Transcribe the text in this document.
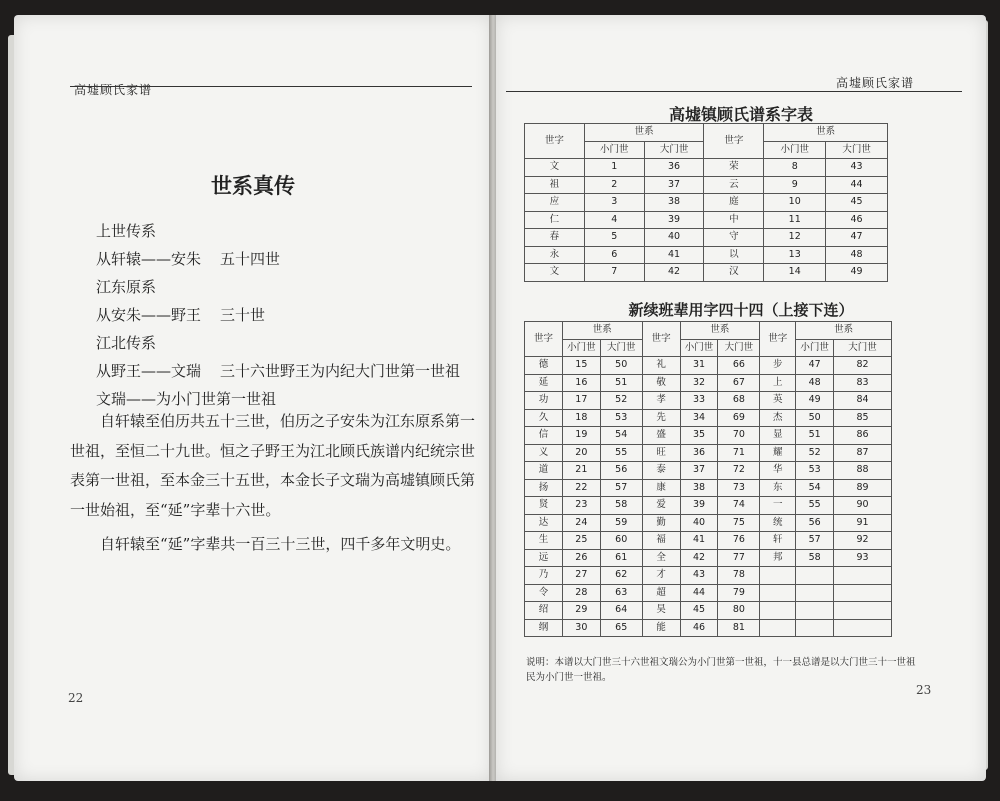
高墟顾氏家谱
世系真传
上世传系
从轩辕——安朱 五十四世
江东原系
从安朱——野王 三十世
江北传系
从野王——文瑞 三十六世野王为内纪大门世第一世祖
文瑞——为小门世第一世祖
自轩辕至伯历共五十三世，伯历之子安朱为江东原系第一世祖，至恒二十九世。恒之子野王为江北顾氏族谱内纪统宗世表第一世祖，至本金三十五世，本金长子文瑞为高墟镇顾氏第一世始祖，至“延”字辈十六世。
自轩辕至“延”字辈共一百三十三世，四千多年文明史。
22
高墟顾氏家谱
高墟镇顾氏谱系字表
世字	世系		世字	世系	
	小门世	大门世		小门世	大门世
文	1	36	荣	8	43
祖	2	37	云	9	44
应	3	38	庭	10	45
仁	4	39	中	11	46
春	5	40	守	12	47
永	6	41	以	13	48
文	7	42	汉	14	49
新续班辈用字四十四（上接下连）
世字	世系		世字	世系		世字	世系	
	小门世	大门世		小门世	大门世		小门世	大门世
德	15	50	礼	31	66	步	47	82
延	16	51	敬	32	67	上	48	83
功	17	52	孝	33	68	英	49	84
久	18	53	先	34	69	杰	50	85
信	19	54	盛	35	70	显	51	86
义	20	55	旺	36	71	耀	52	87
道	21	56	泰	37	72	华	53	88
扬	22	57	康	38	73	东	54	89
贤	23	58	爱	39	74	一	55	90
达	24	59	勤	40	75	统	56	91
生	25	60	福	41	76	轩	57	92
远	26	61	全	42	77	邦	58	93
乃	27	62	才	43	78			
令	28	63	超	44	79			
绍	29	64	昊	45	80			
纲	30	65	能	46	81			
说明：本谱以大门世三十六世祖文瑞公为小门世第一世祖，十一县总谱是以大门世三十一世祖
民为小门世一世祖。
23
